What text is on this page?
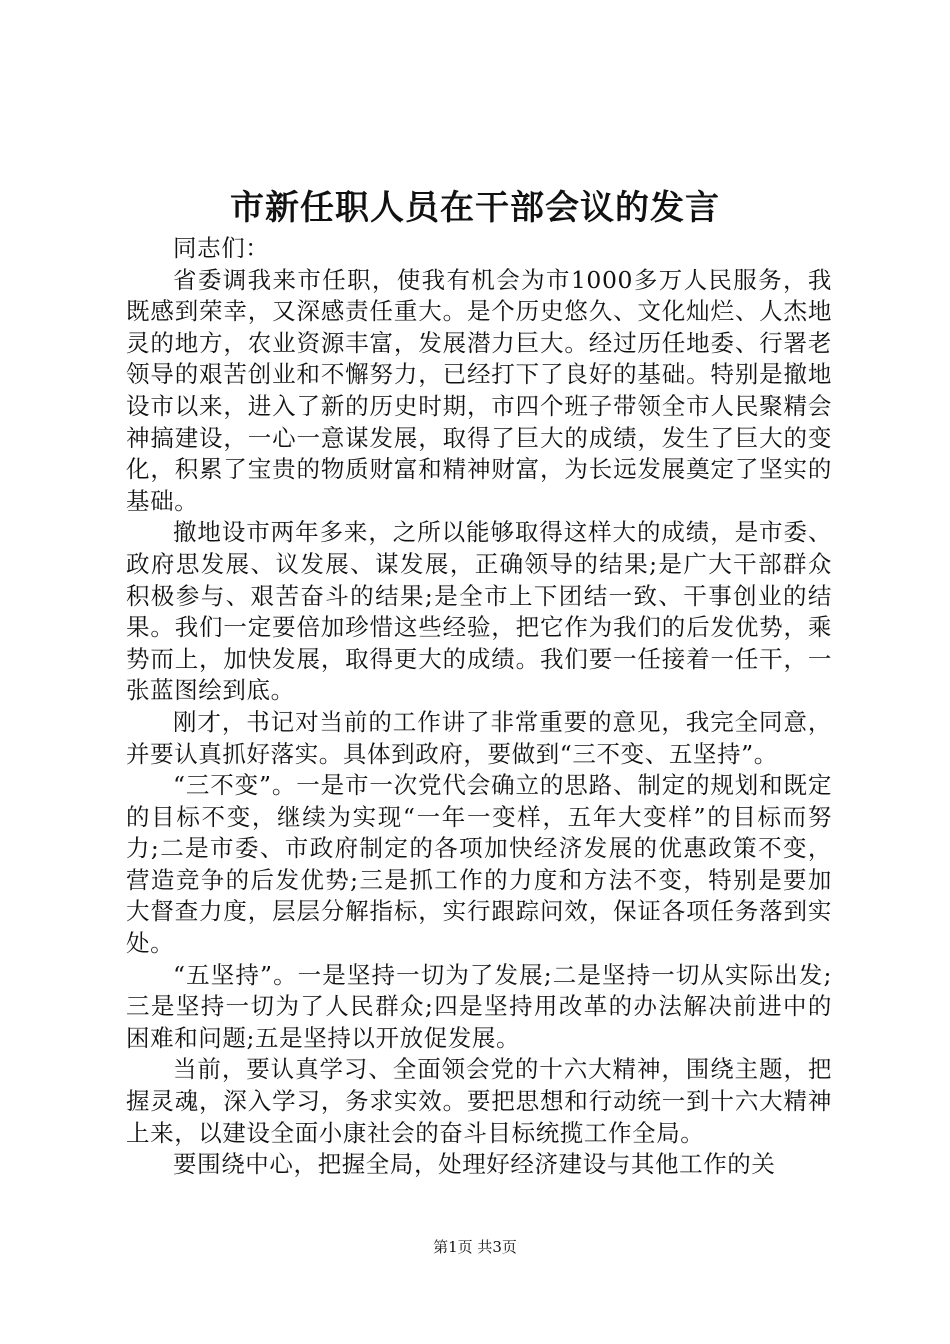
市新任职人员在干部会议的发言

同志们：

省委调我来市任职，使我有机会为市1000多万人民服务，我既感到荣幸，又深感责任重大。是个历史悠久、文化灿烂、人杰地灵的地方，农业资源丰富，发展潜力巨大。经过历任地委、行署老领导的艰苦创业和不懈努力，已经打下了良好的基础。特别是撤地设市以来，进入了新的历史时期，市四个班子带领全市人民聚精会神搞建设，一心一意谋发展，取得了巨大的成绩，发生了巨大的变化，积累了宝贵的物质财富和精神财富，为长远发展奠定了坚实的基础。

撤地设市两年多来，之所以能够取得这样大的成绩，是市委、政府思发展、议发展、谋发展，正确领导的结果;是广大干部群众积极参与、艰苦奋斗的结果;是全市上下团结一致、干事创业的结果。我们一定要倍加珍惜这些经验，把它作为我们的后发优势，乘势而上，加快发展，取得更大的成绩。我们要一任接着一任干，一张蓝图绘到底。

刚才，书记对当前的工作讲了非常重要的意见，我完全同意，并要认真抓好落实。具体到政府，要做到“三不变、五坚持”。

“三不变”。一是市一次党代会确立的思路、制定的规划和既定的目标不变，继续为实现“一年一变样，五年大变样”的目标而努力;二是市委、市政府制定的各项加快经济发展的优惠政策不变，营造竞争的后发优势;三是抓工作的力度和方法不变，特别是要加大督查力度，层层分解指标，实行跟踪问效，保证各项任务落到实处。

“五坚持”。一是坚持一切为了发展;二是坚持一切从实际出发;三是坚持一切为了人民群众;四是坚持用改革的办法解决前进中的困难和问题;五是坚持以开放促发展。

当前，要认真学习、全面领会党的十六大精神，围绕主题，把握灵魂，深入学习，务求实效。要把思想和行动统一到十六大精神上来，以建设全面小康社会的奋斗目标统揽工作全局。

要围绕中心，把握全局，处理好经济建设与其他工作的关

第1页 共3页
